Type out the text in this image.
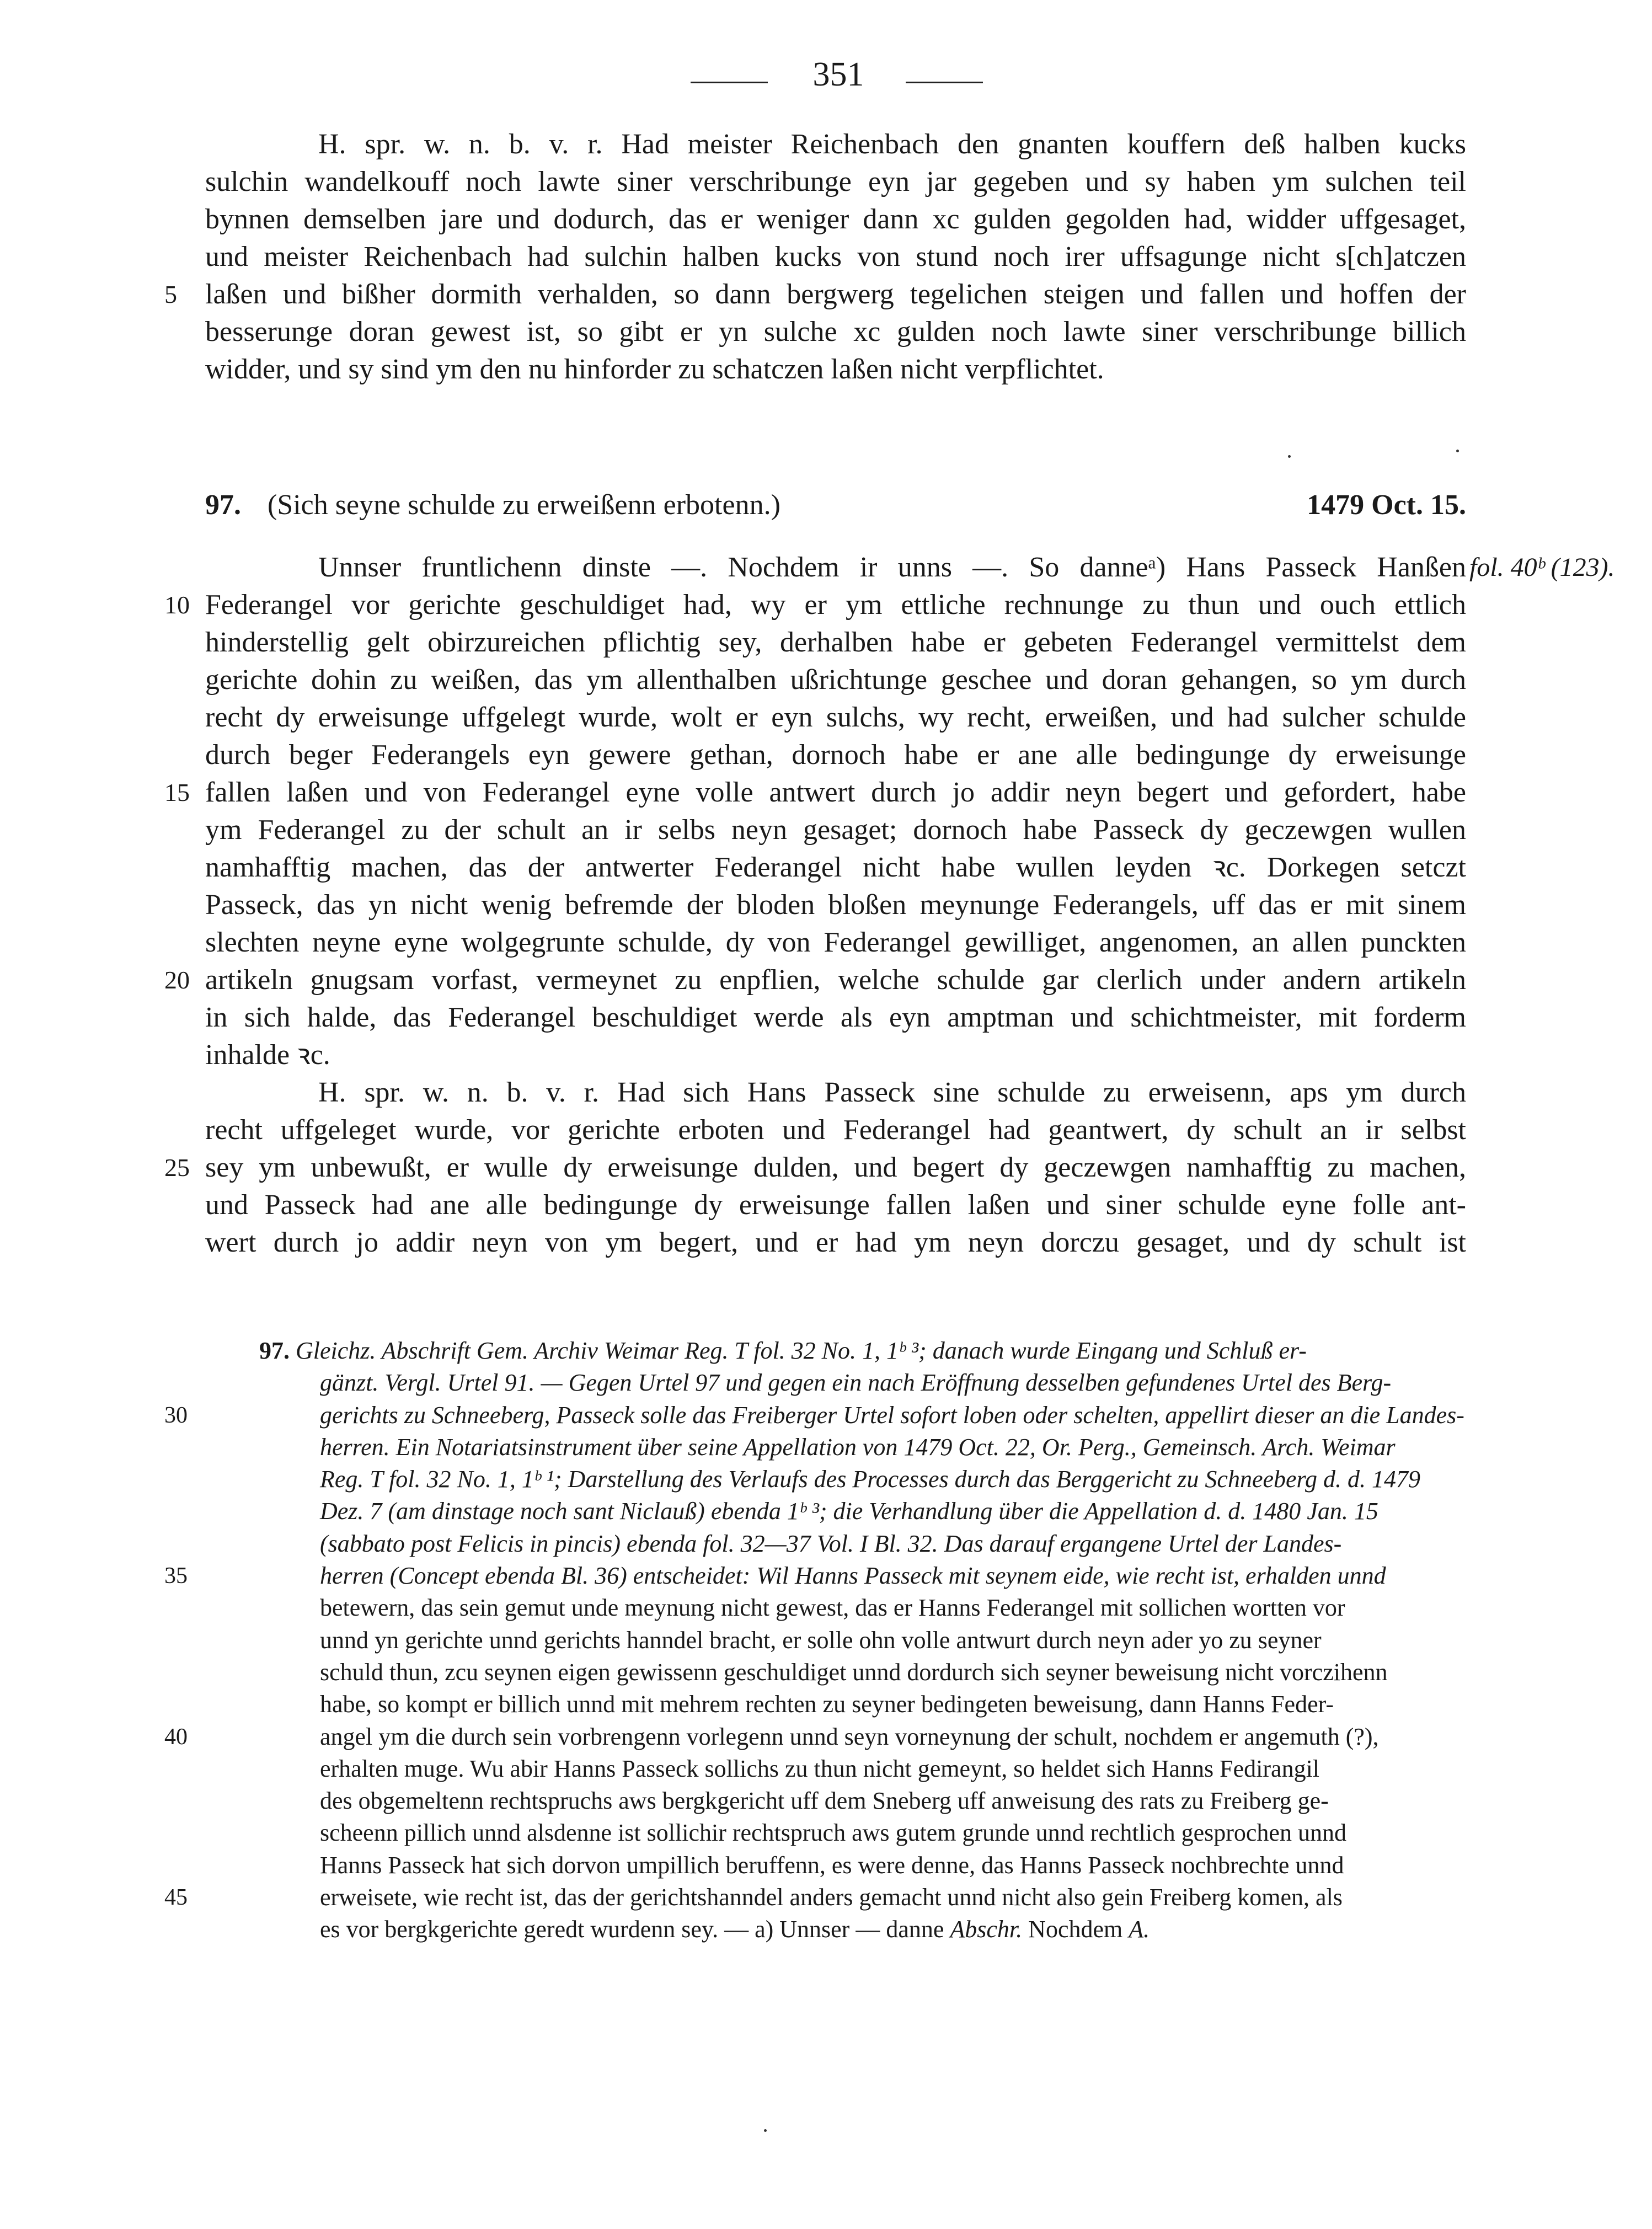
351
H. spr. w. n. b. v. r. Had meister Reichenbach den gnanten kouffern deß halben kucks
sulchin wandelkouff noch lawte siner verschribunge eyn jar gegeben und sy haben ym sulchen teil
bynnen demselben jare und dodurch, das er weniger dann xc gulden gegolden had, widder uffgesaget,
und meister Reichenbach had sulchin halben kucks von stund noch irer uffsagunge nicht s[ch]atczen
laßen und bißher dormith verhalden, so dann bergwerg tegelichen steigen und fallen und hoffen der
besserunge doran gewest ist, so gibt er yn sulche xc gulden noch lawte siner verschribunge billich
widder, und sy sind ym den nu hinforder zu schatczen laßen nicht verpflichtet.
5
97. (Sich seyne schulde zu erweißenn erbotenn.)	1479 Oct. 15.
fol. 40ᵇ (123).
Unnser fruntlichenn dinste —. Nochdem ir unns —. So danneᵃ) Hans Passeck Hanßen
Federangel vor gerichte geschuldiget had, wy er ym ettliche rechnunge zu thun und ouch ettlich
hinderstellig gelt obirzureichen pflichtig sey, derhalben habe er gebeten Federangel vermittelst dem
gerichte dohin zu weißen, das ym allenthalben ußrichtunge geschee und doran gehangen, so ym durch
recht dy erweisunge uffgelegt wurde, wolt er eyn sulchs, wy recht, erweißen, und had sulcher schulde
durch beger Federangels eyn gewere gethan, dornoch habe er ane alle bedingunge dy erweisunge
fallen laßen und von Federangel eyne volle antwert durch jo addir neyn begert und gefordert, habe
ym Federangel zu der schult an ir selbs neyn gesaget; dornoch habe Passeck dy geczewgen wullen
namhafftig machen, das der antwerter Federangel nicht habe wullen leyden ꝛc. Dorkegen setczt
Passeck, das yn nicht wenig befremde der bloden bloßen meynunge Federangels, uff das er mit sinem
slechten neyne eyne wolgegrunte schulde, dy von Federangel gewilliget, angenomen, an allen punckten
artikeln gnugsam vorfast, vermeynet zu enpflien, welche schulde gar clerlich under andern artikeln
in sich halde, das Federangel beschuldiget werde als eyn amptman und schichtmeister, mit forderm
inhalde ꝛc.
H. spr. w. n. b. v. r. Had sich Hans Passeck sine schulde zu erweisenn, aps ym durch
recht uffgeleget wurde, vor gerichte erboten und Federangel had geantwert, dy schult an ir selbst
sey ym unbewußt, er wulle dy erweisunge dulden, und begert dy geczewgen namhafftig zu machen,
und Passeck had ane alle bedingunge dy erweisunge fallen laßen und siner schulde eyne folle ant-
wert durch jo addir neyn von ym begert, und er had ym neyn dorczu gesaget, und dy schult ist
10
15
20
25
97. Gleichz. Abschrift Gem. Archiv Weimar Reg. T fol. 32 No. 1, 1ᵇ ³; danach wurde Eingang und Schluß er-
gänzt. Vergl. Urtel 91. — Gegen Urtel 97 und gegen ein nach Eröffnung desselben gefundenes Urtel des Berg-
gerichts zu Schneeberg, Passeck solle das Freiberger Urtel sofort loben oder schelten, appellirt dieser an die Landes-
herren. Ein Notariatsinstrument über seine Appellation von 1479 Oct. 22, Or. Perg., Gemeinsch. Arch. Weimar
Reg. T fol. 32 No. 1, 1ᵇ ¹; Darstellung des Verlaufs des Processes durch das Berggericht zu Schneeberg d. d. 1479
Dez. 7 (am dinstage noch sant Niclauß) ebenda 1ᵇ ³; die Verhandlung über die Appellation d. d. 1480 Jan. 15
(sabbato post Felicis in pincis) ebenda fol. 32—37 Vol. I Bl. 32. Das darauf ergangene Urtel der Landes-
herren (Concept ebenda Bl. 36) entscheidet: Wil Hanns Passeck mit seynem eide, wie recht ist, erhalden unnd
betewern, das sein gemut unde meynung nicht gewest, das er Hanns Federangel mit sollichen wortten vor
unnd yn gerichte unnd gerichts hanndel bracht, er solle ohn volle antwurt durch neyn ader yo zu seyner
schuld thun, zcu seynen eigen gewissenn geschuldiget unnd dordurch sich seyner beweisung nicht vorczihenn
habe, so kompt er billich unnd mit mehrem rechten zu seyner bedingeten beweisung, dann Hanns Feder-
angel ym die durch sein vorbrengenn vorlegenn unnd seyn vorneynung der schult, nochdem er angemuth (?),
erhalten muge. Wu abir Hanns Passeck sollichs zu thun nicht gemeynt, so heldet sich Hanns Fedirangil
des obgemeltenn rechtspruchs aws bergkgericht uff dem Sneberg uff anweisung des rats zu Freiberg ge-
scheenn pillich unnd alsdenne ist sollichir rechtspruch aws gutem grunde unnd rechtlich gesprochen unnd
Hanns Passeck hat sich dorvon umpillich beruffenn, es were denne, das Hanns Passeck nochbrechte unnd
erweisete, wie recht ist, das der gerichtshanndel anders gemacht unnd nicht also gein Freiberg komen, als
es vor bergkgerichte geredt wurdenn sey. — a) Unnser — danne Abschr. Nochdem A.
30
35
40
45
